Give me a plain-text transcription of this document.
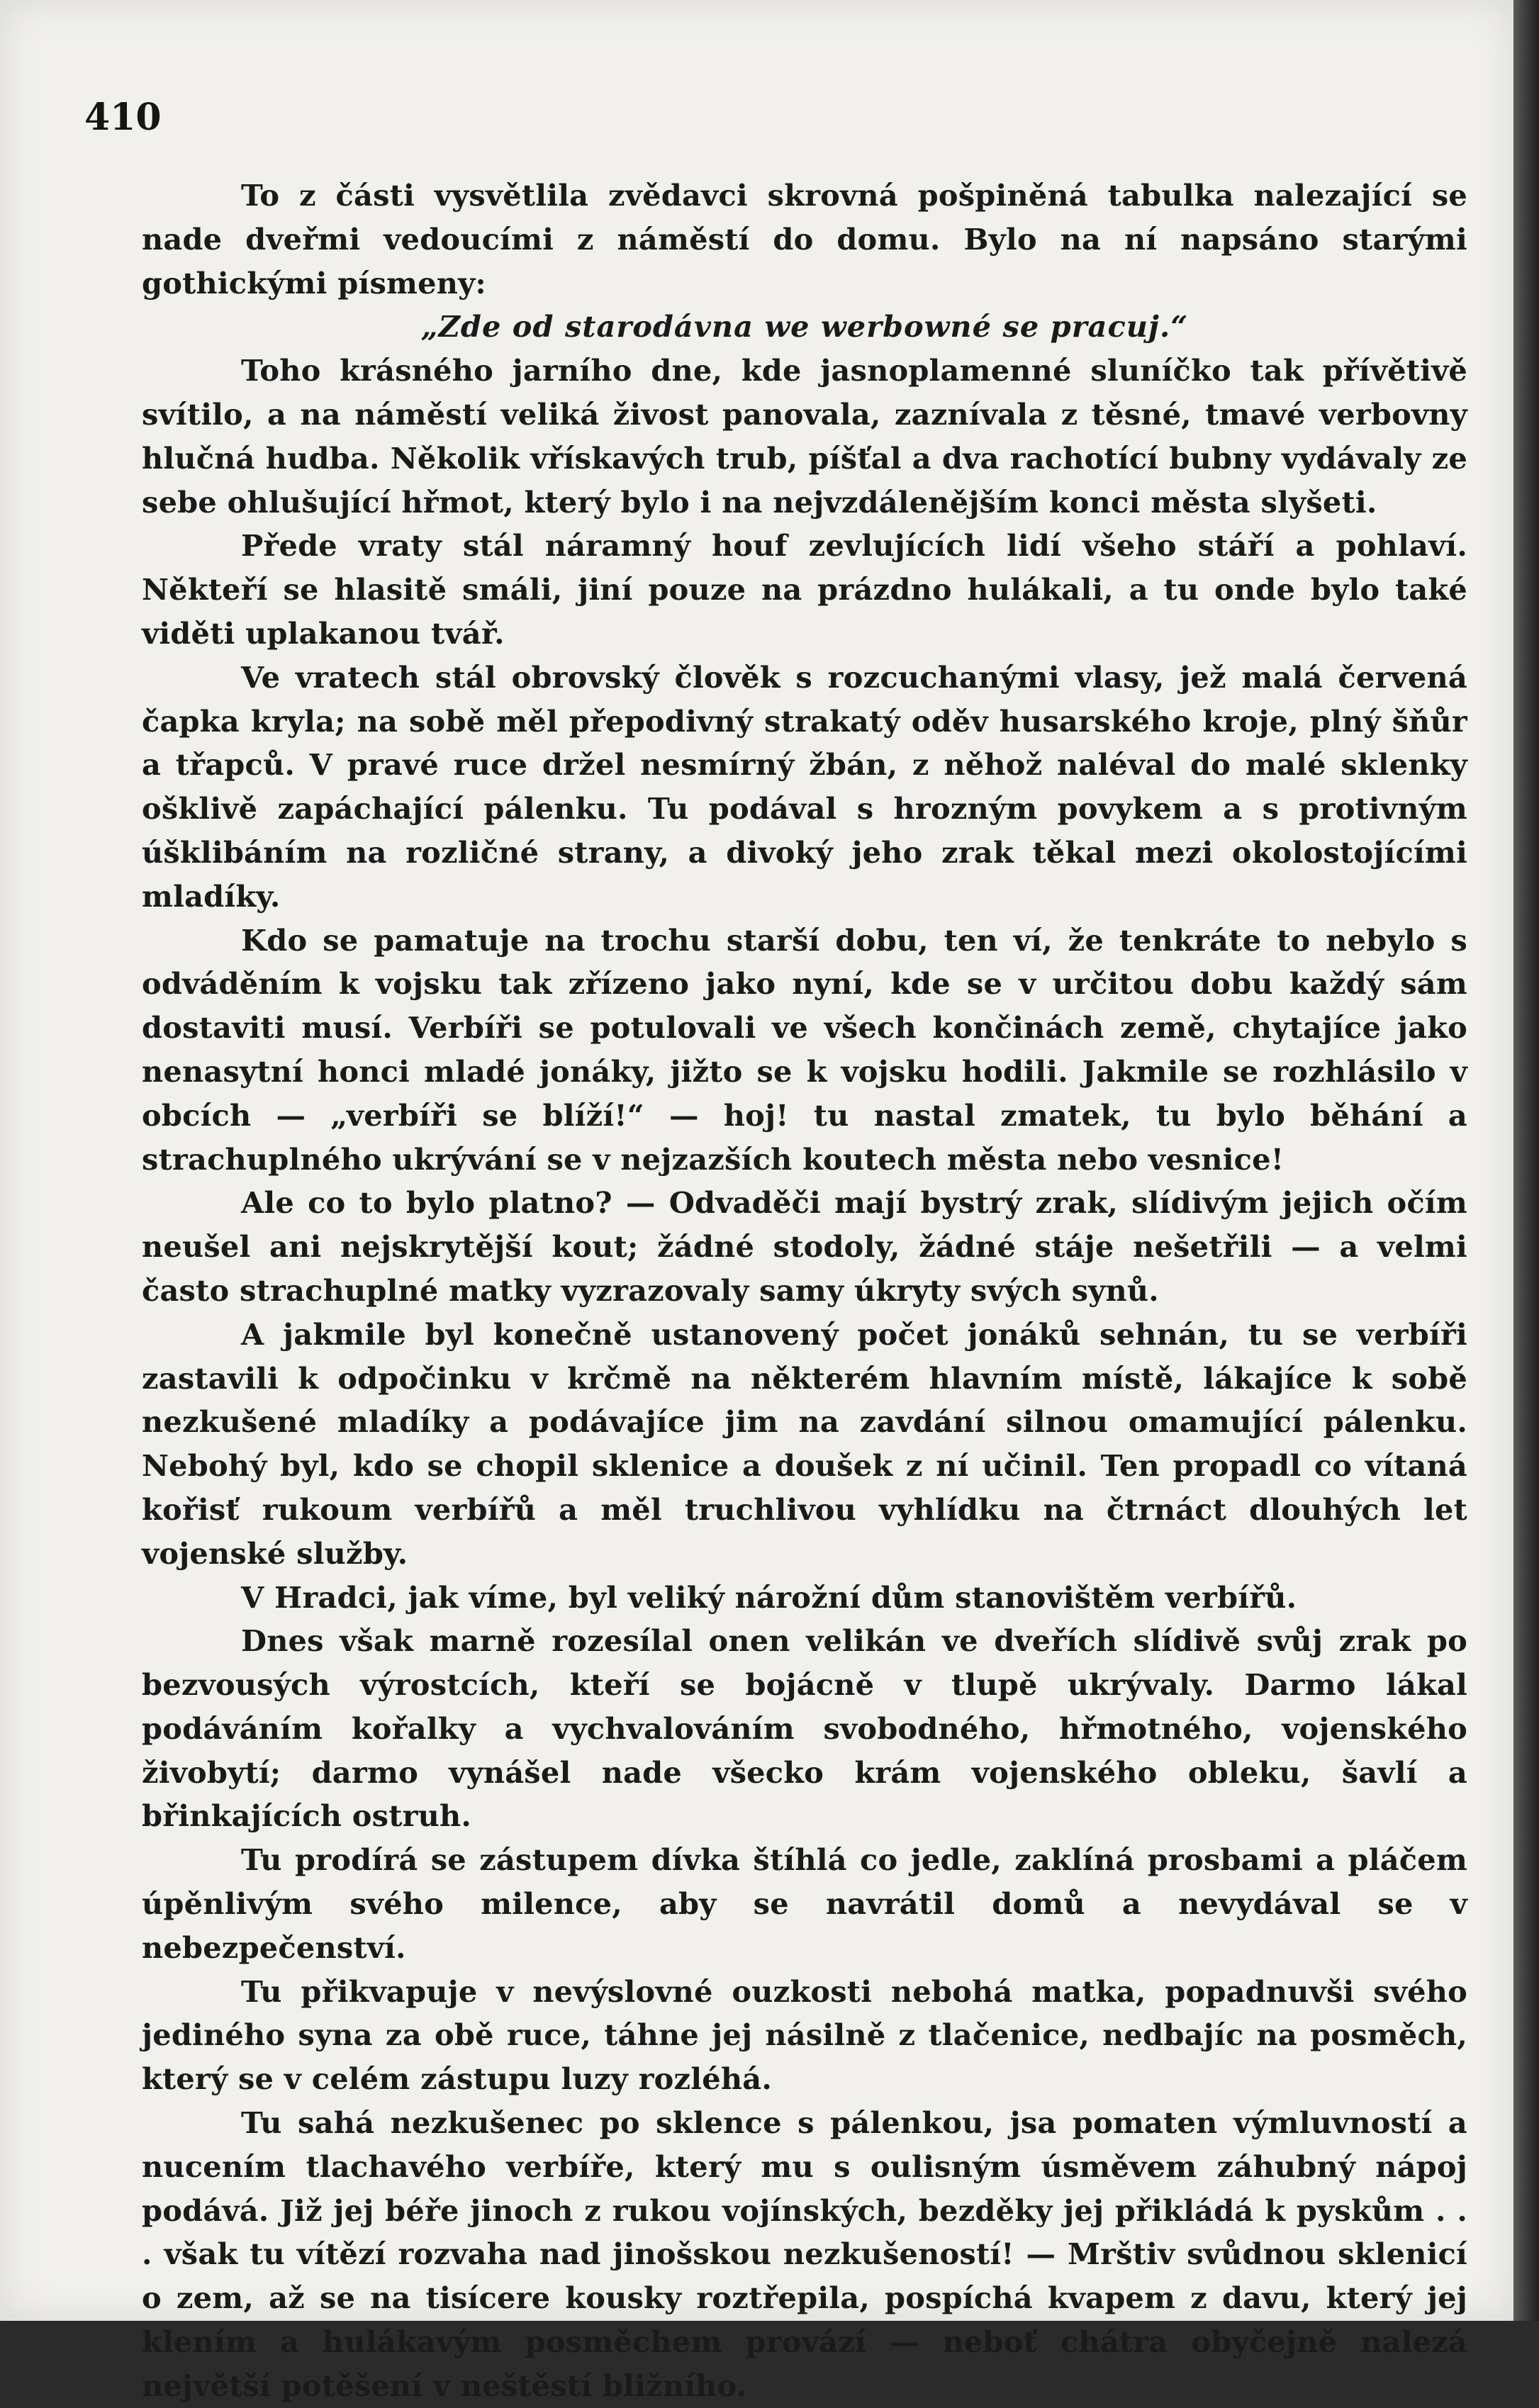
410

To z části vysvětlila zvědavci skrovná pošpiněná tabulka nalezající se nade dveřmi vedoucími z náměstí do domu. Bylo na ní napsáno starými gothickými písmeny:

„Zde od starodávna we werbowné se pracuj.“

Toho krásného jarního dne, kde jasnoplamenné sluníčko tak přívětivě svítilo, a na náměstí veliká živost panovala, zaznívala z těsné, tmavé verbovny hlučná hudba. Několik vřískavých trub, píšťal a dva rachotící bubny vydávaly ze sebe ohlušující hřmot, který bylo i na nejvzdálenějším konci města slyšeti.

Přede vraty stál náramný houf zevlujících lidí všeho stáří a pohlaví. Někteří se hlasitě smáli, jiní pouze na prázdno hulákali, a tu onde bylo také viděti uplakanou tvář.

Ve vratech stál obrovský člověk s rozcuchanými vlasy, jež malá červená čapka kryla; na sobě měl přepodivný strakatý oděv husarského kroje, plný šňůr a třapců. V pravé ruce držel nesmírný žbán, z něhož naléval do malé sklenky ošklivě zapáchající pálenku. Tu podával s hrozným povykem a s protivným úšklibáním na rozličné strany, a divoký jeho zrak těkal mezi okolostojícími mladíky.

Kdo se pamatuje na trochu starší dobu, ten ví, že tenkráte to nebylo s odváděním k vojsku tak zřízeno jako nyní, kde se v určitou dobu každý sám dostaviti musí. Verbíři se potulovali ve všech končinách země, chytajíce jako nenasytní honci mladé jonáky, jižto se k vojsku hodili. Jakmile se rozhlásilo v obcích — „verbíři se blíží!“ — hoj! tu nastal zmatek, tu bylo běhání a strachuplného ukrývání se v nejzazších koutech města nebo vesnice!

Ale co to bylo platno? — Odvaděči mají bystrý zrak, slídivým jejich očím neušel ani nejskrytější kout; žádné stodoly, žádné stáje nešetřili — a velmi často strachuplné matky vyzrazovaly samy úkryty svých synů.

A jakmile byl konečně ustanovený počet jonáků sehnán, tu se verbíři zastavili k odpočinku v krčmě na některém hlavním místě, lákajíce k sobě nezkušené mladíky a podávajíce jim na zavdání silnou omamující pálenku. Nebohý byl, kdo se chopil sklenice a doušek z ní učinil. Ten propadl co vítaná kořisť rukoum verbířů a měl truchlivou vyhlídku na čtrnáct dlouhých let vojenské služby.

V Hradci, jak víme, byl veliký nárožní dům stanovištěm verbířů.

Dnes však marně rozesílal onen velikán ve dveřích slídivě svůj zrak po bezvousých výrostcích, kteří se bojácně v tlupě ukrývaly. Darmo lákal podáváním kořalky a vychvalováním svobodného, hřmotného, vojenského živobytí; darmo vynášel nade všecko krám vojenského obleku, šavlí a břinkajících ostruh.

Tu prodírá se zástupem dívka štíhlá co jedle, zaklíná prosbami a pláčem úpěnlivým svého milence, aby se navrátil domů a nevydával se v nebezpečenství.

Tu přikvapuje v nevýslovné ouzkosti nebohá matka, popadnuvši svého jediného syna za obě ruce, táhne jej násilně z tlačenice, nedbajíc na posměch, který se v celém zástupu luzy rozléhá.

Tu sahá nezkušenec po sklence s pálenkou, jsa pomaten výmluvností a nucením tlachavého verbíře, který mu s oulisným úsměvem záhubný nápoj podává. Již jej béře jinoch z rukou vojínských, bezděky jej přikládá k pyskům . . . však tu vítězí rozvaha nad jinošskou nezkušeností! — Mrštiv svůdnou sklenicí o zem, až se na tisícere kousky roztřepila, pospíchá kvapem z davu, který jej klením a hulákavým posměchem provází — neboť chátra obyčejně nalezá největší potěšení v neštěstí bližního.
